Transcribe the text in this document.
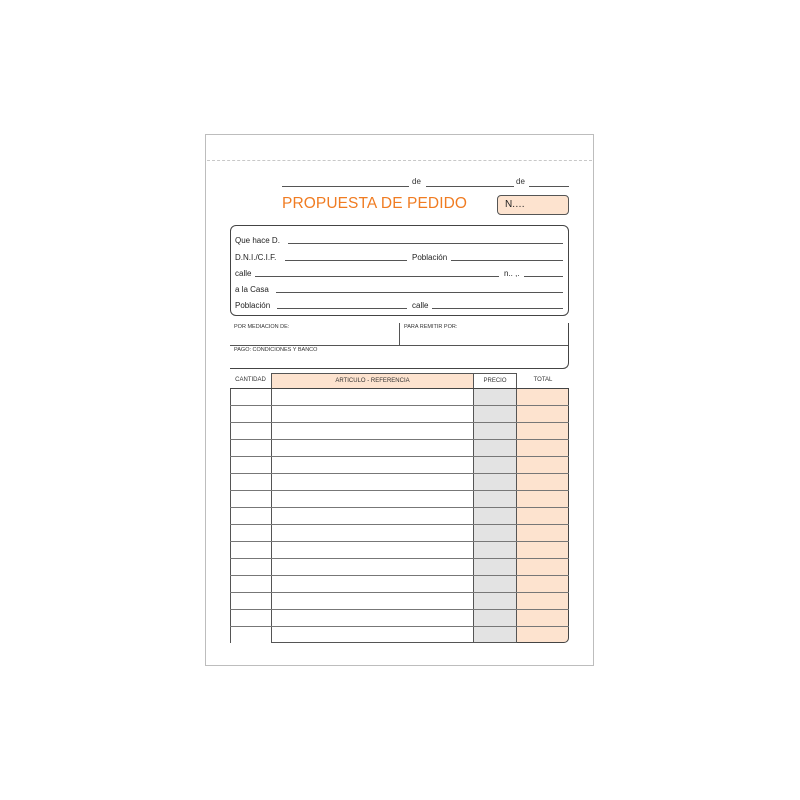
de	de
PROPUESTA DE PEDIDO	N.…
Que hace D.
D.N.I./C.I.F.	Población
calle	n.. ,.
a la Casa
Población	calle
POR MEDIACION DE:	PARA REMITIR POR:
PAGO: CONDICIONES Y BANCO
CANTIDAD	ARTICULO - REFERENCIA	PRECIO	TOTAL
